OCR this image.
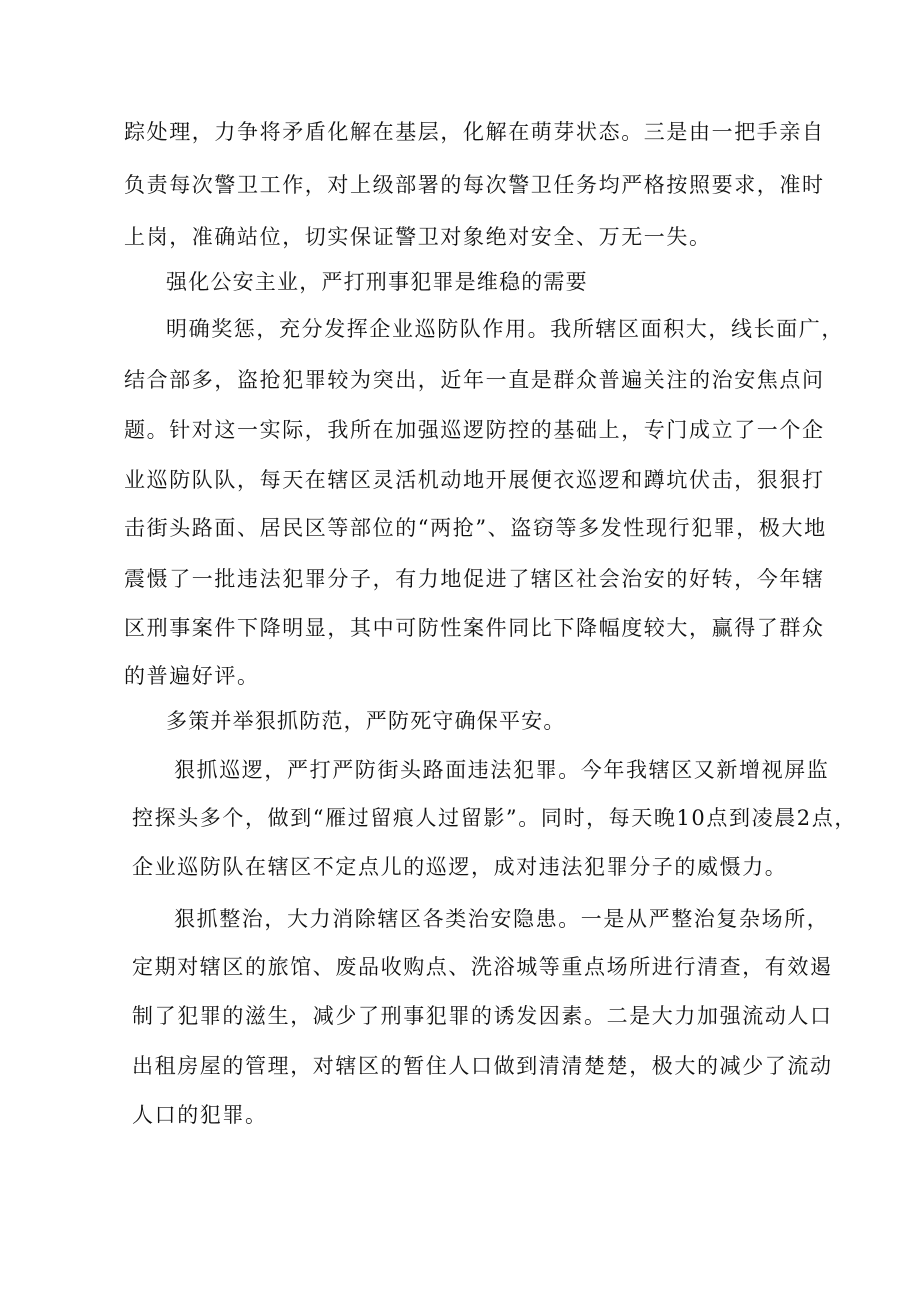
踪处理，力争将矛盾化解在基层，化解在萌芽状态。三是由一把手亲自
负责每次警卫工作，对上级部署的每次警卫任务均严格按照要求，准时
上岗，准确站位，切实保证警卫对象绝对安全、万无一失。
强化公安主业，严打刑事犯罪是维稳的需要
明确奖惩，充分发挥企业巡防队作用。我所辖区面积大，线长面广，
结合部多，盗抢犯罪较为突出，近年一直是群众普遍关注的治安焦点问
题。针对这一实际，我所在加强巡逻防控的基础上，专门成立了一个企
业巡防队队，每天在辖区灵活机动地开展便衣巡逻和蹲坑伏击，狠狠打
击街头路面、居民区等部位的“两抢”、盗窃等多发性现行犯罪，极大地
震慑了一批违法犯罪分子，有力地促进了辖区社会治安的好转，今年辖
区刑事案件下降明显，其中可防性案件同比下降幅度较大，赢得了群众
的普遍好评。
多策并举狠抓防范，严防死守确保平安。
狠抓巡逻，严打严防街头路面违法犯罪。今年我辖区又新增视屏监
控探头多个，做到“雁过留痕人过留影”。同时，每天晚10点到凌晨2点，
企业巡防队在辖区不定点儿的巡逻，成对违法犯罪分子的威慑力。
狠抓整治，大力消除辖区各类治安隐患。一是从严整治复杂场所，
定期对辖区的旅馆、废品收购点、洗浴城等重点场所进行清查，有效遏
制了犯罪的滋生，减少了刑事犯罪的诱发因素。二是大力加强流动人口
出租房屋的管理，对辖区的暂住人口做到清清楚楚，极大的减少了流动
人口的犯罪。
